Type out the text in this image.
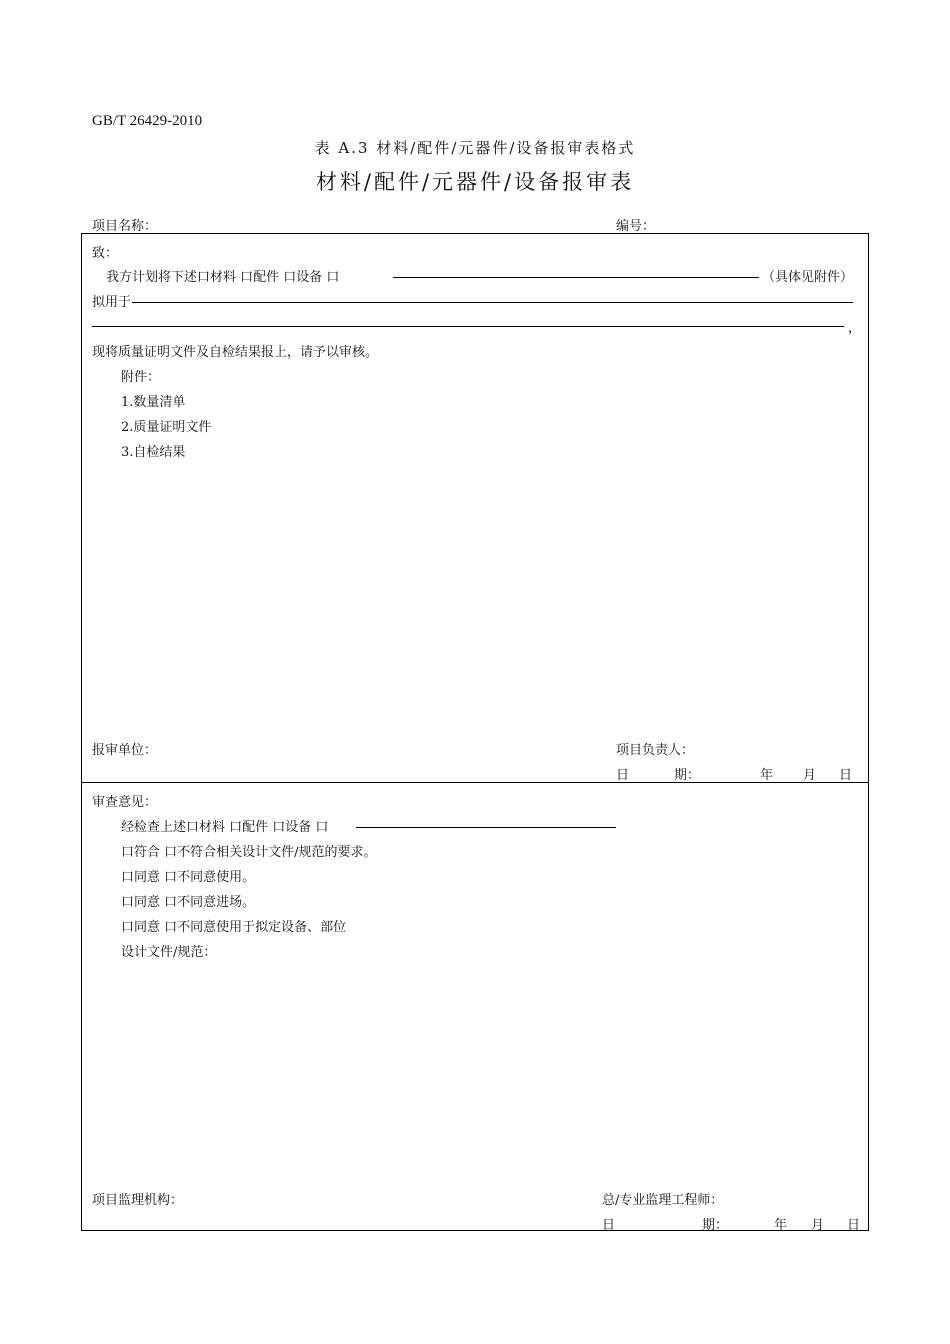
GB/T 26429-2010
表 A.3 材料/配件/元器件/设备报审表格式
材料/配件/元器件/设备报审表
项目名称：	编号：
致：
我方计划将下述口材料 口配件 口设备 口	（具体见附件）
拟用于
，
现将质量证明文件及自检结果报上，请予以审核。
附件：
1.数量清单
2.质量证明文件
3.自检结果
报审单位：	项目负责人：
日	期：	年 月 日
审查意见：
经检查上述口材料 口配件 口设备 口
口符合 口不符合相关设计文件/规范的要求。
口同意 口不同意使用。
口同意 口不同意进场。
口同意 口不同意使用于拟定设备、部位
设计文件/规范：
项目监理机构：	总/专业监理工程师：
日	期：	年 月 日
